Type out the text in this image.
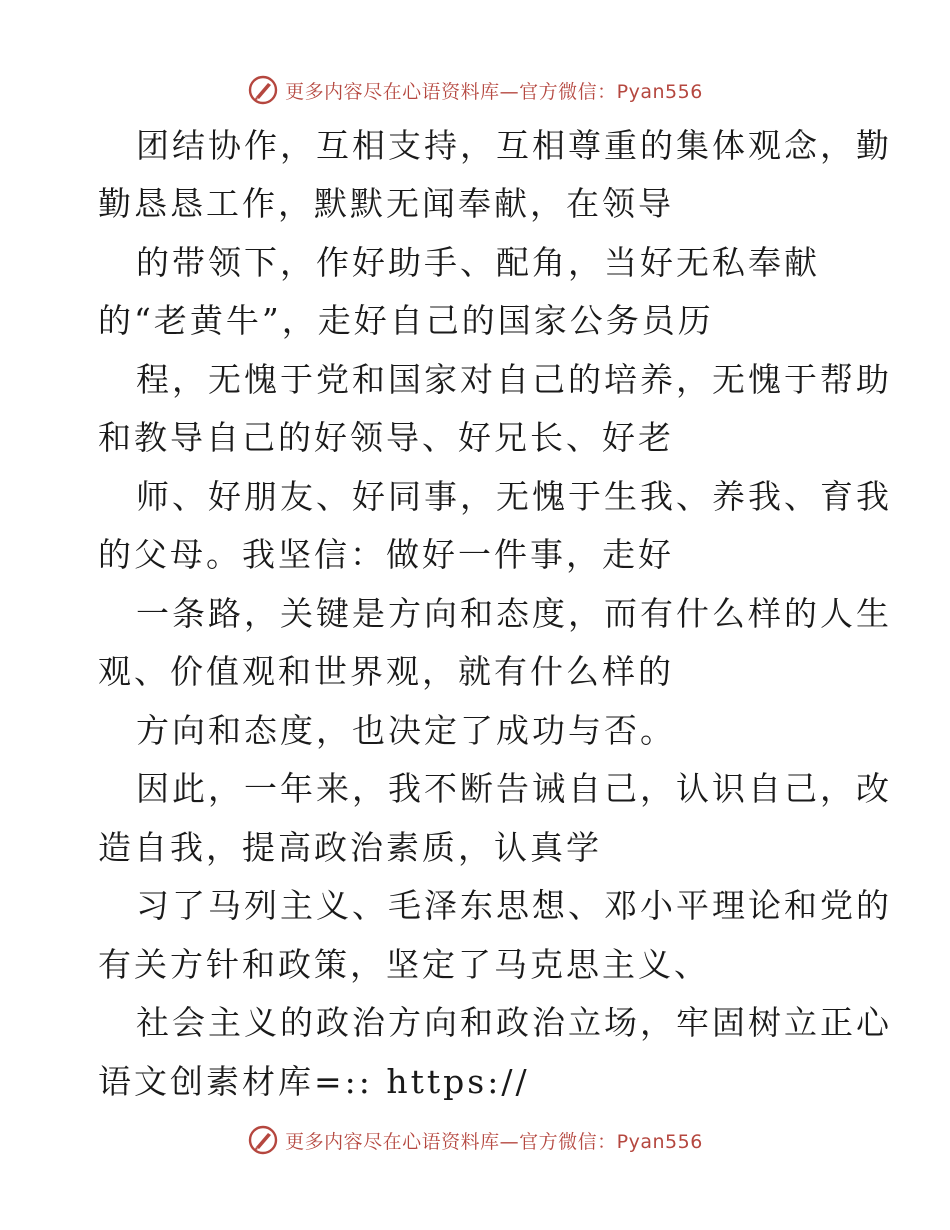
更多内容尽在心语资料库—官方微信：Pyan556
团结协作，互相支持，互相尊重的集体观念，勤
勤恳恳工作，默默无闻奉献，在领导
的带领下，作好助手、配角，当好无私奉献
的“老黄牛”，走好自己的国家公务员历
程，无愧于党和国家对自己的培养，无愧于帮助
和教导自己的好领导、好兄长、好老
师、好朋友、好同事，无愧于生我、养我、育我
的父母。我坚信：做好一件事，走好
一条路，关键是方向和态度，而有什么样的人生
观、价值观和世界观，就有什么样的
方向和态度，也决定了成功与否。
因此，一年来，我不断告诫自己，认识自己，改
造自我，提高政治素质，认真学
习了马列主义、毛泽东思想、邓小平理论和党的
有关方针和政策，坚定了马克思主义、
社会主义的政治方向和政治立场，牢固树立正心
语文创素材库=:: https://
更多内容尽在心语资料库—官方微信：Pyan556
